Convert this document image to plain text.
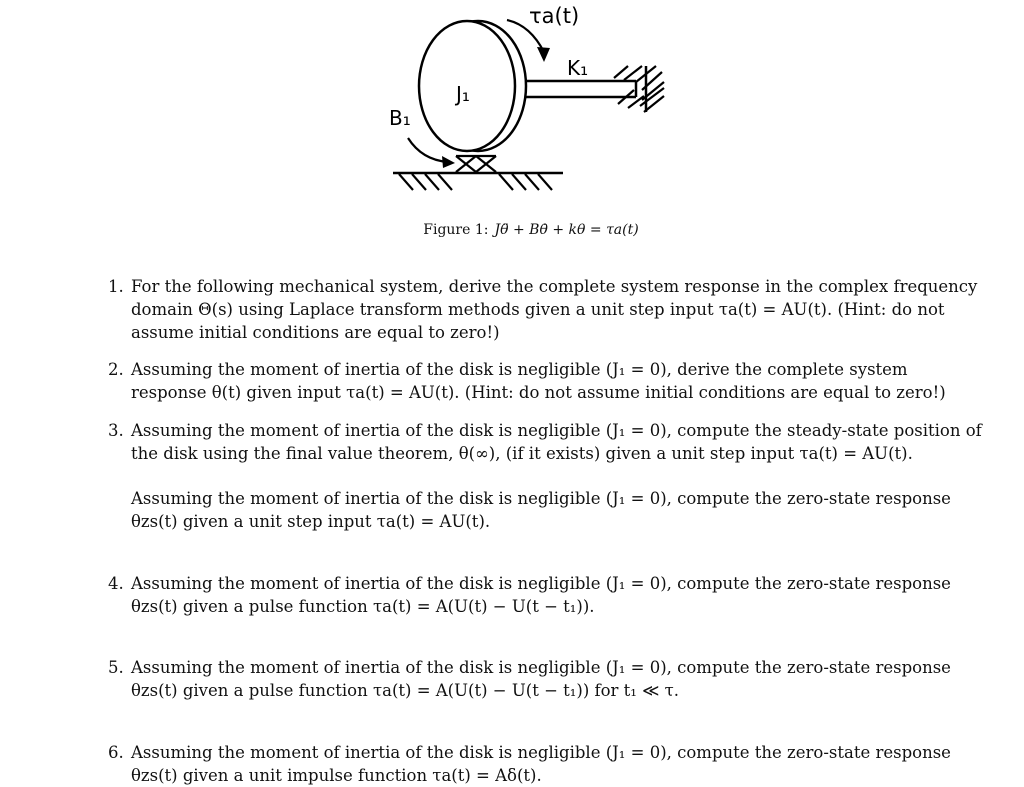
τa(t)
J₁
K₁
B₁
Figure 1: Jθ̈ + Bθ̇ + kθ = τa(t)
1. For the following mechanical system, derive the complete system response in the complex frequency domain Θ(s) using Laplace transform methods given a unit step input τa(t) = AU(t). (Hint: do not assume initial conditions are equal to zero!)
2. Assuming the moment of inertia of the disk is negligible (J₁ = 0), derive the complete system response θ(t) given input τa(t) = AU(t). (Hint: do not assume initial conditions are equal to zero!)
3. Assuming the moment of inertia of the disk is negligible (J₁ = 0), compute the steady-state position of the disk using the final value theorem, θ(∞), (if it exists) given a unit step input τa(t) = AU(t).
Assuming the moment of inertia of the disk is negligible (J₁ = 0), compute the zero-state response θzs(t) given a unit step input τa(t) = AU(t).
4. Assuming the moment of inertia of the disk is negligible (J₁ = 0), compute the zero-state response θzs(t) given a pulse function τa(t) = A(U(t) − U(t − t₁)).
5. Assuming the moment of inertia of the disk is negligible (J₁ = 0), compute the zero-state response θzs(t) given a pulse function τa(t) = A(U(t) − U(t − t₁)) for t₁ ≪ τ.
6. Assuming the moment of inertia of the disk is negligible (J₁ = 0), compute the zero-state response θzs(t) given a unit impulse function τa(t) = Aδ(t).
